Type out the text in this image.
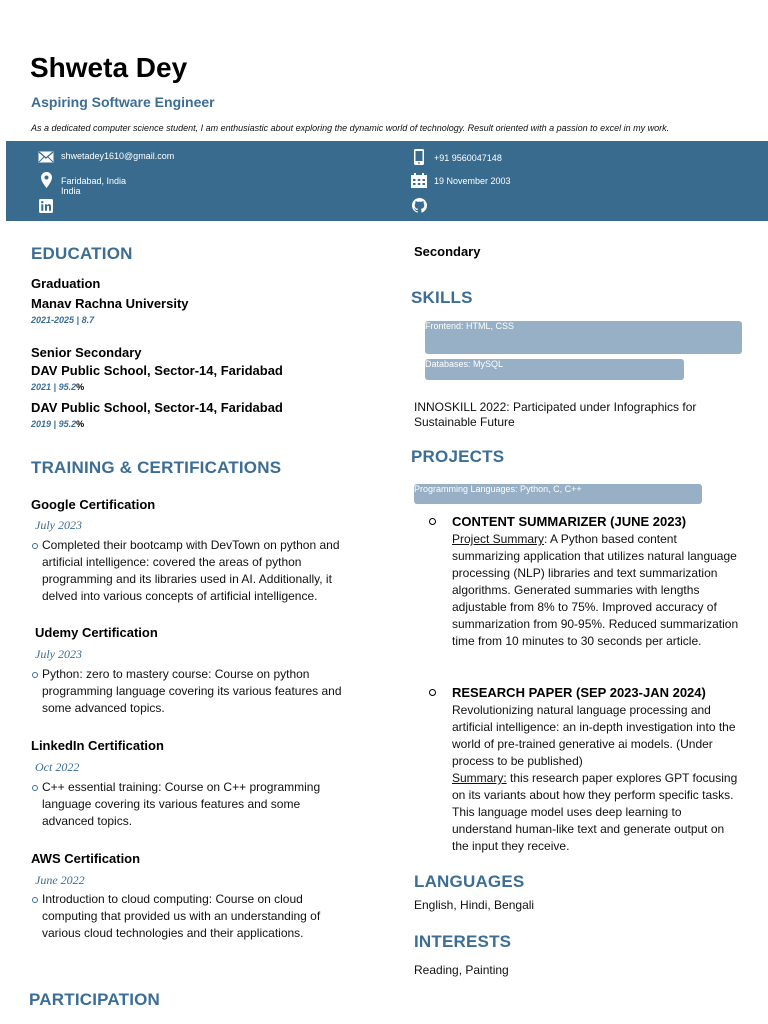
Shweta Dey
Aspiring Software Engineer
As a dedicated computer science student, I am enthusiastic about exploring the dynamic world of technology. Result oriented with a passion to excel in my work.
shwetadey1610@gmail.com
Faridabad, India
India
+91 9560047148
19 November 2003
EDUCATION
Graduation
Manav Rachna University
2021-2025 | 8.7
Senior Secondary
DAV Public School, Sector-14, Faridabad
2021 | 95.2%
DAV Public School, Sector-14, Faridabad
2019 | 95.2%
TRAINING & CERTIFICATIONS
Google Certification
July 2023
Completed their bootcamp with DevTown on python and artificial intelligence: covered the areas of python programming and its libraries used in AI. Additionally, it delved into various concepts of artificial intelligence.
Udemy Certification
July 2023
Python: zero to mastery course: Course on python programming language covering its various features and some advanced topics.
LinkedIn Certification
Oct 2022
C++ essential training: Course on C++ programming language covering its various features and some advanced topics.
AWS Certification
June 2022
Introduction to cloud computing: Course on cloud computing that provided us with an understanding of various cloud technologies and their applications.
PARTICIPATION
Secondary
SKILLS
Frontend: HTML, CSS
Databases: MySQL
INNOSKILL 2022: Participated under Infographics for Sustainable Future
PROJECTS
Programming Languages: Python, C, C++
CONTENT SUMMARIZER (JUNE 2023)
Project Summary: A Python based content summarizing application that utilizes natural language processing (NLP) libraries and text summarization algorithms. Generated summaries with lengths adjustable from 8% to 75%. Improved accuracy of summarization from 90-95%. Reduced summarization time from 10 minutes to 30 seconds per article.
RESEARCH PAPER (SEP 2023-JAN 2024)
Revolutionizing natural language processing and artificial intelligence: an in-depth investigation into the world of pre-trained generative ai models. (Under process to be published)
Summary: this research paper explores GPT focusing on its variants about how they perform specific tasks. This language model uses deep learning to understand human-like text and generate output on the input they receive.
LANGUAGES
English, Hindi, Bengali
INTERESTS
Reading, Painting
